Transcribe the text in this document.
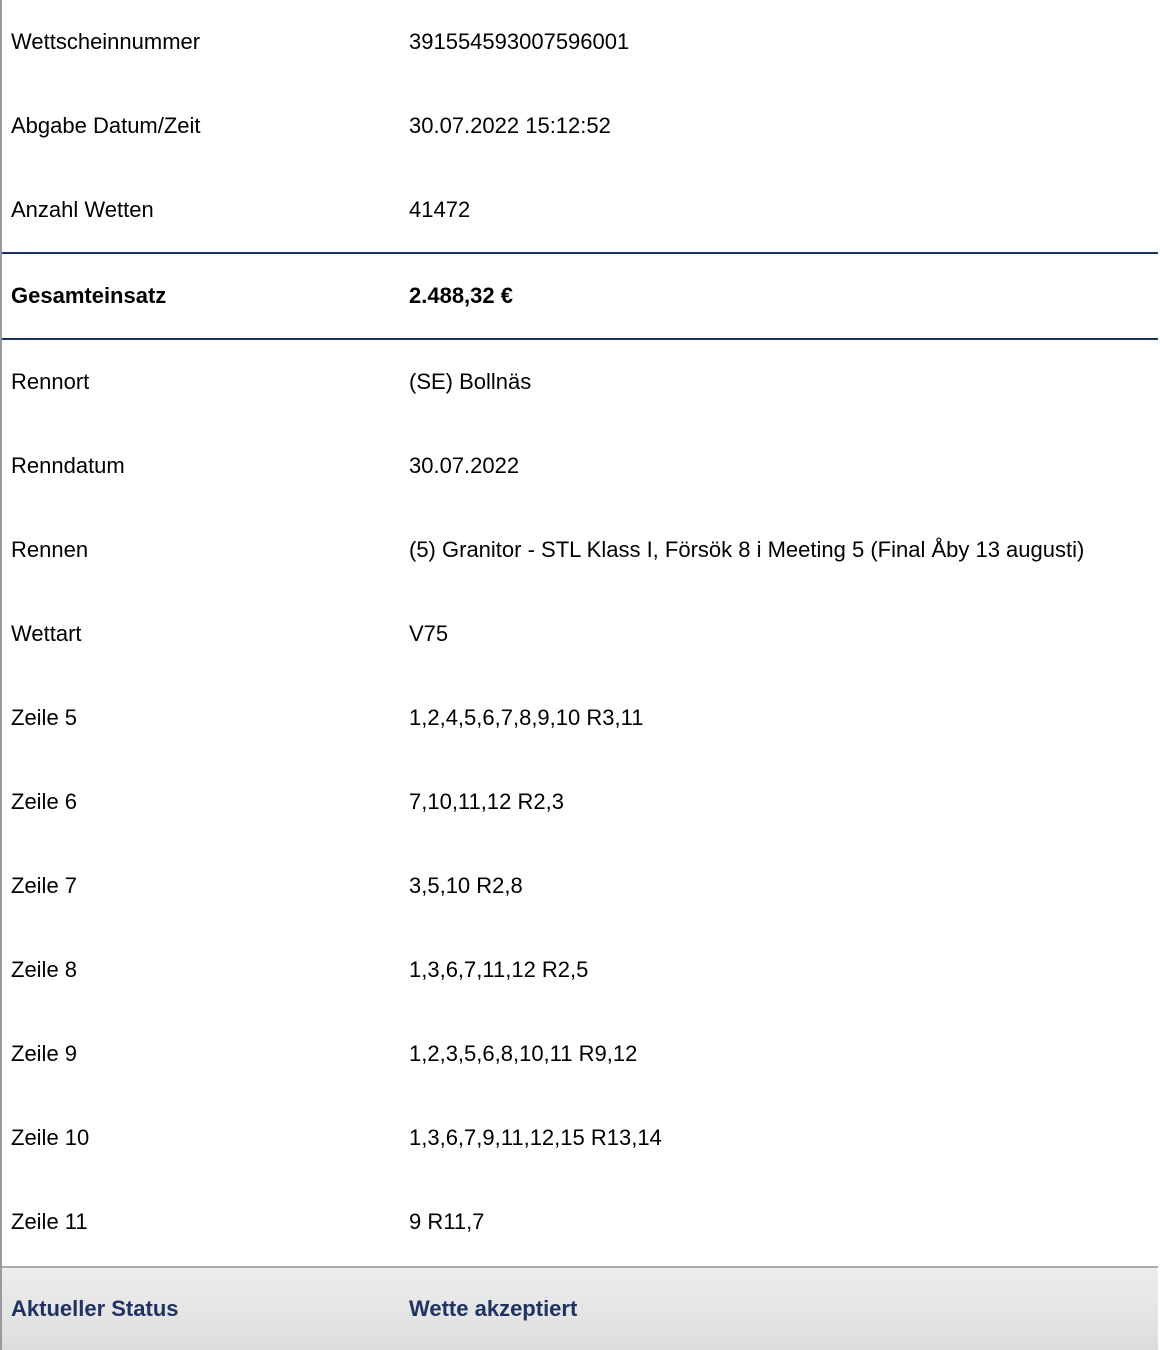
Wettscheinnummer	391554593007596001
Abgabe Datum/Zeit	30.07.2022 15:12:52
Anzahl Wetten	41472
Gesamteinsatz	2.488,32 €
Rennort	(SE) Bollnäs
Renndatum	30.07.2022
Rennen	(5) Granitor - STL Klass I, Försök 8 i Meeting 5 (Final Åby 13 augusti)
Wettart	V75
Zeile 5	1,2,4,5,6,7,8,9,10 R3,11
Zeile 6	7,10,11,12 R2,3
Zeile 7	3,5,10 R2,8
Zeile 8	1,3,6,7,11,12 R2,5
Zeile 9	1,2,3,5,6,8,10,11 R9,12
Zeile 10	1,3,6,7,9,11,12,15 R13,14
Zeile 11	9 R11,7
Aktueller Status	Wette akzeptiert
